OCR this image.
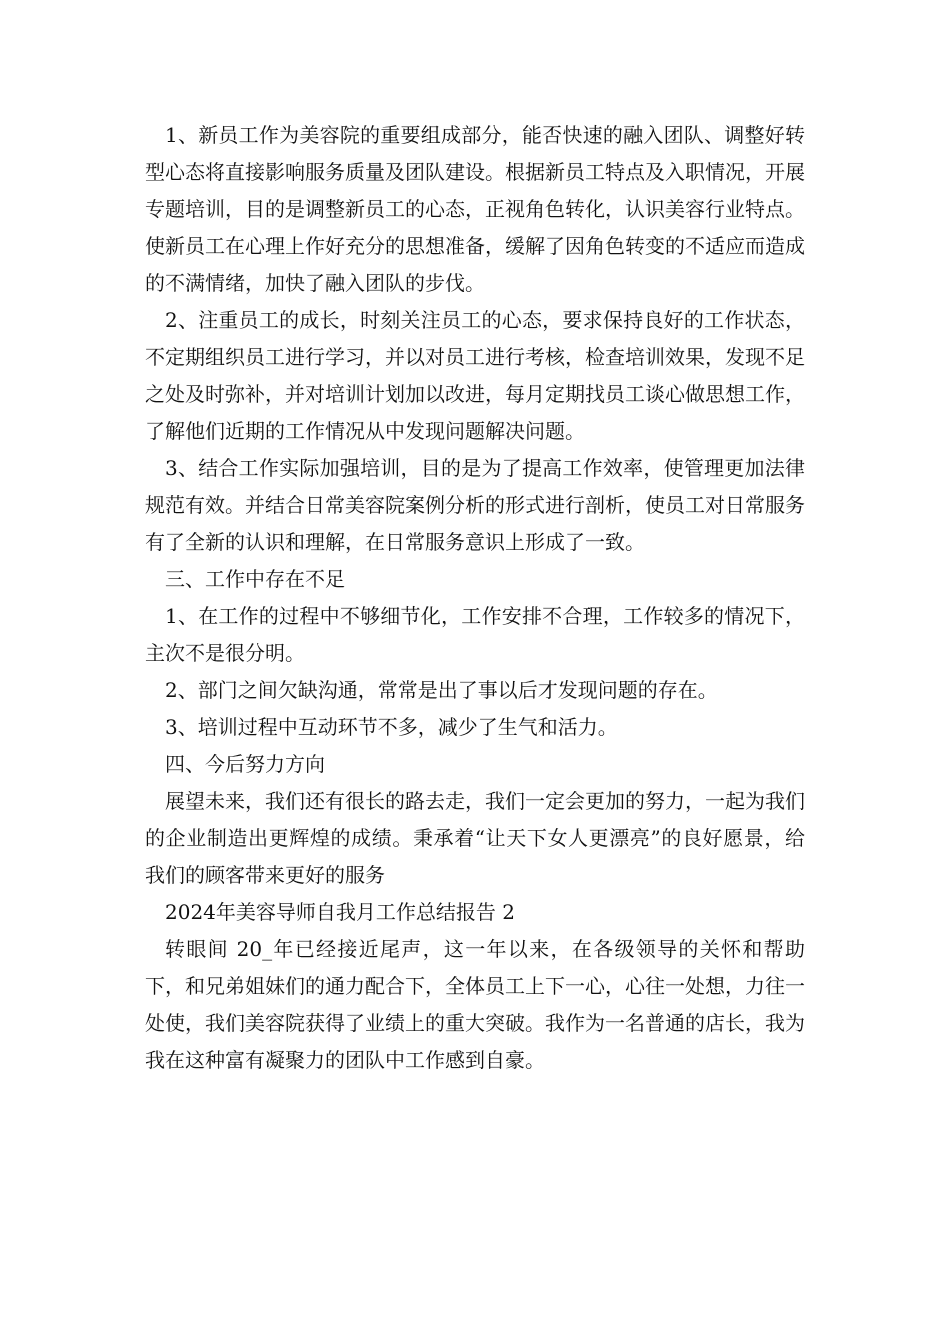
1、新员工作为美容院的重要组成部分，能否快速的融入团队、调整好转型心态将直接影响服务质量及团队建设。根据新员工特点及入职情况，开展专题培训，目的是调整新员工的心态，正视角色转化，认识美容行业特点。使新员工在心理上作好充分的思想准备，缓解了因角色转变的不适应而造成的不满情绪，加快了融入团队的步伐。

2、注重员工的成长，时刻关注员工的心态，要求保持良好的工作状态，不定期组织员工进行学习，并以对员工进行考核，检查培训效果，发现不足之处及时弥补，并对培训计划加以改进，每月定期找员工谈心做思想工作，了解他们近期的工作情况从中发现问题解决问题。

3、结合工作实际加强培训，目的是为了提高工作效率，使管理更加法律规范有效。并结合日常美容院案例分析的形式进行剖析，使员工对日常服务有了全新的认识和理解，在日常服务意识上形成了一致。

三、工作中存在不足

1、在工作的过程中不够细节化，工作安排不合理，工作较多的情况下，主次不是很分明。

2、部门之间欠缺沟通，常常是出了事以后才发现问题的存在。

3、培训过程中互动环节不多，减少了生气和活力。

四、今后努力方向

展望未来，我们还有很长的路去走，我们一定会更加的努力，一起为我们的企业制造出更辉煌的成绩。秉承着“让天下女人更漂亮”的良好愿景，给我们的顾客带来更好的服务

2024年美容导师自我月工作总结报告 2

转眼间 20_年已经接近尾声，这一年以来，在各级领导的关怀和帮助下，和兄弟姐妹们的通力配合下，全体员工上下一心，心往一处想，力往一处使，我们美容院获得了业绩上的重大突破。我作为一名普通的店长，我为我在这种富有凝聚力的团队中工作感到自豪。
